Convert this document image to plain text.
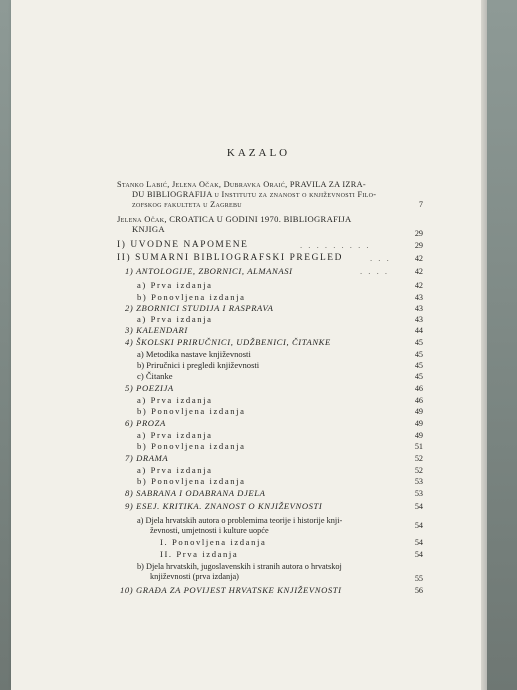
KAZALO
Stanko Labić, Jelena Očak, Dubravka Oraić, PRAVILA ZA IZRA-
DU BIBLIOGRAFIJA u Institutu za znanost o književnosti Filo-
zofskog fakulteta u Zagrebu	7
Jelena Očak, CROATICA U GODINI 1970. BIBLIOGRAFIJA
KNJIGA	29
I) UVODNE NAPOMENE	. . . . . . . . .	29
II) SUMARNI BIBLIOGRAFSKI PREGLED	. . .	42
1) ANTOLOGIJE, ZBORNICI, ALMANASI	. . . .	42
a) Prva izdanja	42
b) Ponovljena izdanja	43
2) ZBORNICI STUDIJA I RASPRAVA	43
a) Prva izdanja	43
3) KALENDARI	44
4) ŠKOLSKI PRIRUČNICI, UDŽBENICI, ČITANKE	45
a) Metodika nastave književnosti	45
b) Priručnici i pregledi književnosti	45
c) Čitanke	45
5) POEZIJA	46
a) Prva izdanja	46
b) Ponovljena izdanja	49
6) PROZA	49
a) Prva izdanja	49
b) Ponovljena izdanja	51
7) DRAMA	52
a) Prva izdanja	52
b) Ponovljena izdanja	53
8) SABRANA I ODABRANA DJELA	53
9) ESEJ. KRITIKA. ZNANOST O KNJIŽEVNOSTI	54
a) Djela hrvatskih autora o problemima teorije i historije knji-
ževnosti, umjetnosti i kulture uopće
54
I. Ponovljena izdanja	54
II. Prva izdanja	54
b) Djela hrvatskih, jugoslavenskih i stranih autora o hrvatskoj
književnosti (prva izdanja)	55
10) GRAĐA ZA POVIJEST HRVATSKE KNJIŽEVNOSTI	56
